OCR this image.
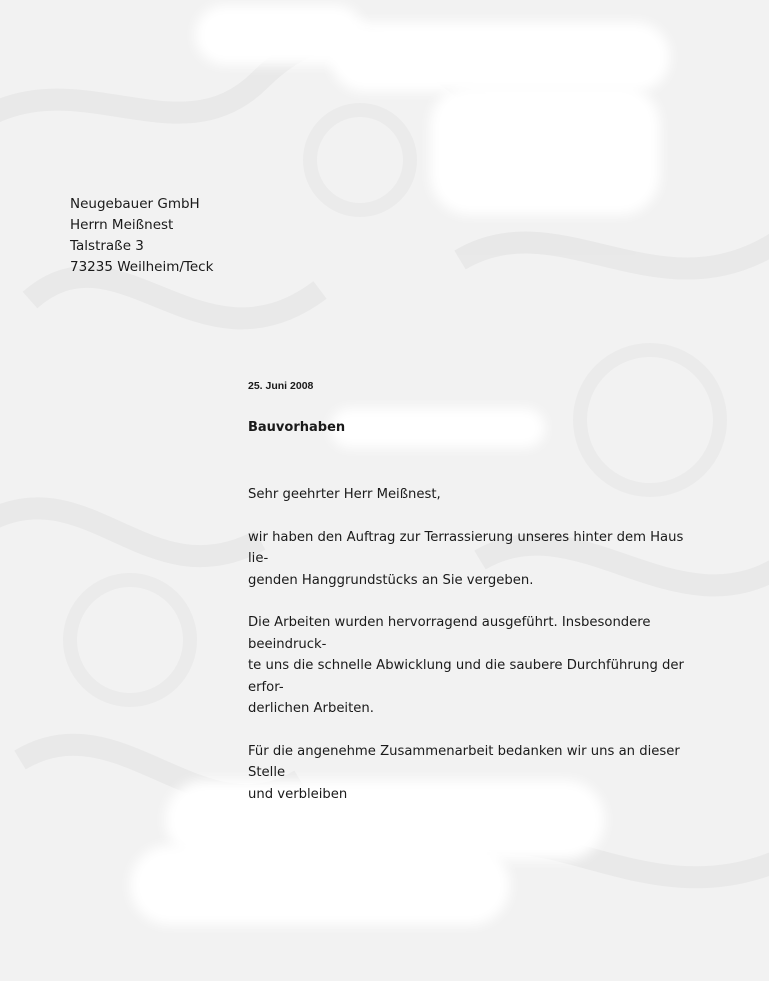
Neugebauer GmbH
Herrn Meißnest
Talstraße 3
73235 Weilheim/Teck
25. Juni 2008
Bauvorhaben

Sehr geehrter Herr Meißnest,

wir haben den Auftrag zur Terrassierung unseres hinter dem Haus lie-
genden Hanggrundstücks an Sie vergeben.

Die Arbeiten wurden hervorragend ausgeführt. Insbesondere beeindruck-
te uns die schnelle Abwicklung und die saubere Durchführung der erfor-
derlichen Arbeiten.

Für die angenehme Zusammenarbeit bedanken wir uns an dieser Stelle
und verbleiben
